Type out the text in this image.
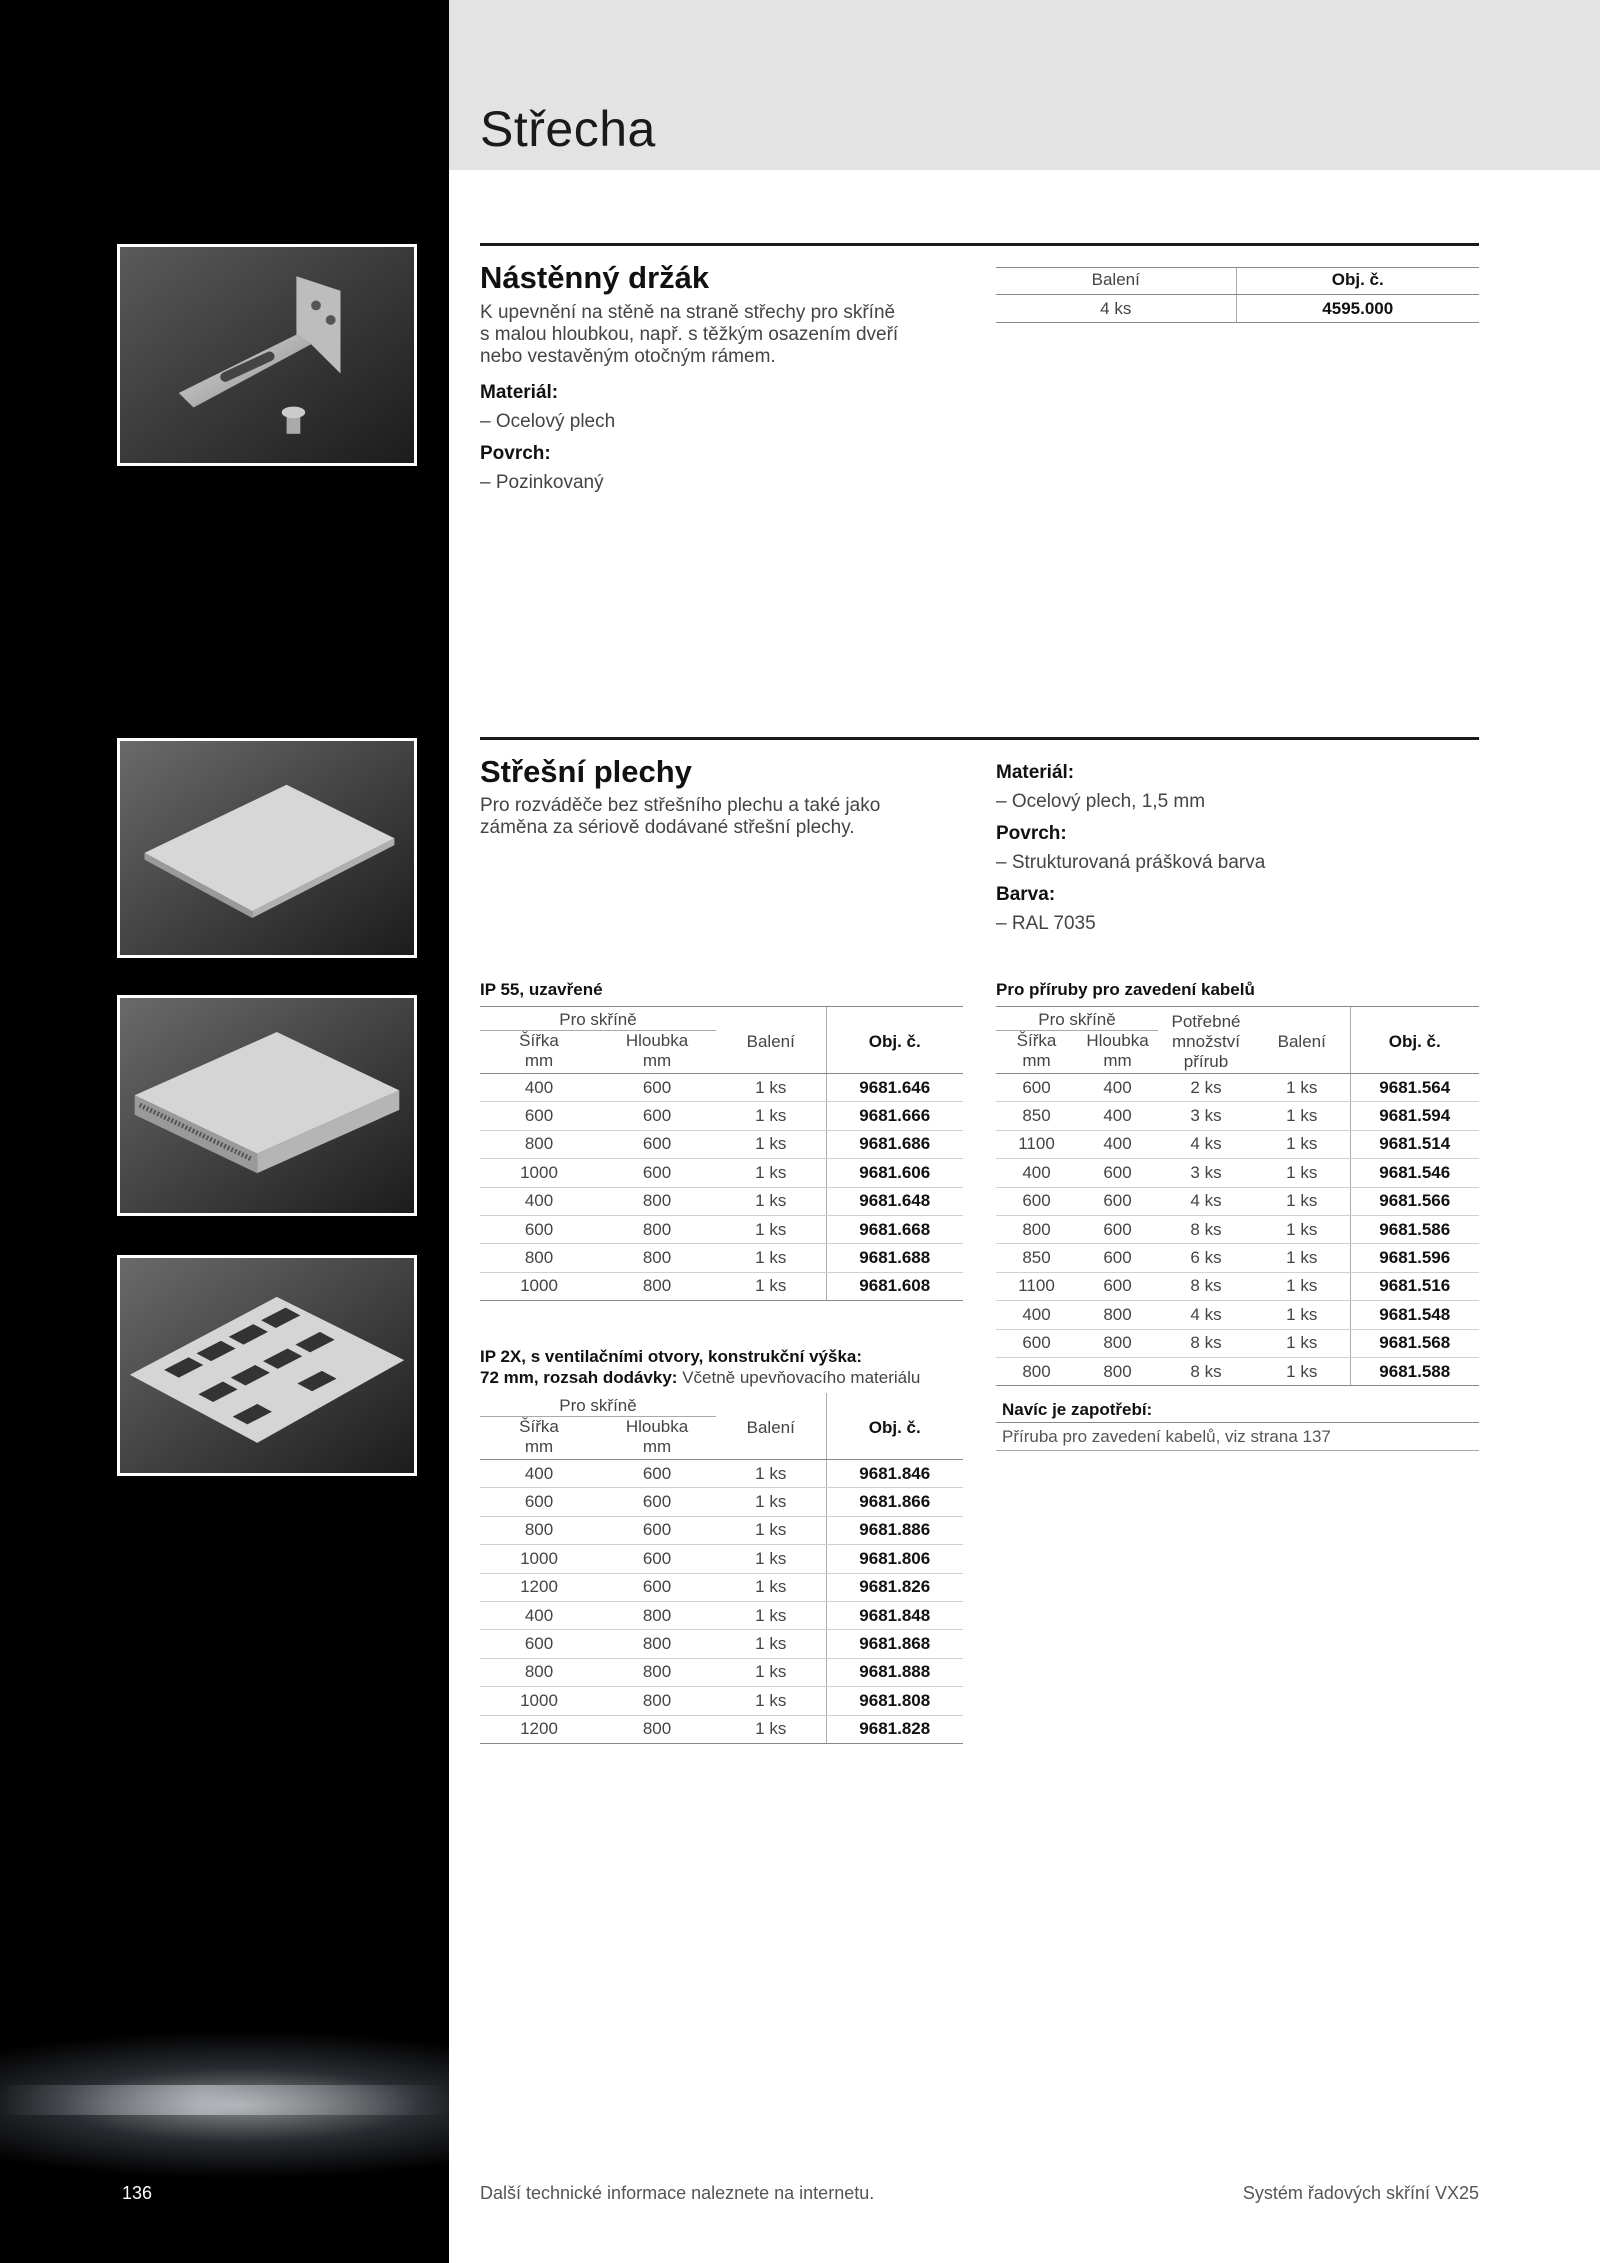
Střecha
Nástěnný držák

K upevnění na stěně na straně střechy pro skříně
s malou hloubkou, např. s těžkým osazením dveří
nebo vestavěným otočným rámem.

Materiál:
– Ocelový plech
Povrch:
– Pozinkovaný
Balení	Obj. č.
4 ks	4595.000
Střešní plechy

Pro rozváděče bez střešního plechu a také jako
záměna za sériově dodávané střešní plechy.

Materiál:
– Ocelový plech, 1,5 mm
Povrch:
– Strukturovaná prášková barva
Barva:
– RAL 7035
IP 55, uzavřené
Pro skříně		Balení	Obj. č.
Šířka
mm	Hloubka
mm		
400	600	1 ks	9681.646
600	600	1 ks	9681.666
800	600	1 ks	9681.686
1000	600	1 ks	9681.606
400	800	1 ks	9681.648
600	800	1 ks	9681.668
800	800	1 ks	9681.688
1000	800	1 ks	9681.608
IP 2X, s ventilačními otvory, konstrukční výška:
72 mm, rozsah dodávky: Včetně upevňovacího materiálu
Pro skříně		Balení	Obj. č.
Šířka
mm	Hloubka
mm		
400	600	1 ks	9681.846
600	600	1 ks	9681.866
800	600	1 ks	9681.886
1000	600	1 ks	9681.806
1200	600	1 ks	9681.826
400	800	1 ks	9681.848
600	800	1 ks	9681.868
800	800	1 ks	9681.888
1000	800	1 ks	9681.808
1200	800	1 ks	9681.828
Pro příruby pro zavedení kabelů
Pro skříně		Potřebné
množství
přírub	Balení	Obj. č.
Šířka
mm	Hloubka
mm			
600	400	2 ks	1 ks	9681.564
850	400	3 ks	1 ks	9681.594
1100	400	4 ks	1 ks	9681.514
400	600	3 ks	1 ks	9681.546
600	600	4 ks	1 ks	9681.566
800	600	8 ks	1 ks	9681.586
850	600	6 ks	1 ks	9681.596
1100	600	8 ks	1 ks	9681.516
400	800	4 ks	1 ks	9681.548
600	800	8 ks	1 ks	9681.568
800	800	8 ks	1 ks	9681.588
Navíc je zapotřebí:
Příruba pro zavedení kabelů, viz strana 137
136	Další technické informace naleznete na internetu.	Systém řadových skříní VX25
